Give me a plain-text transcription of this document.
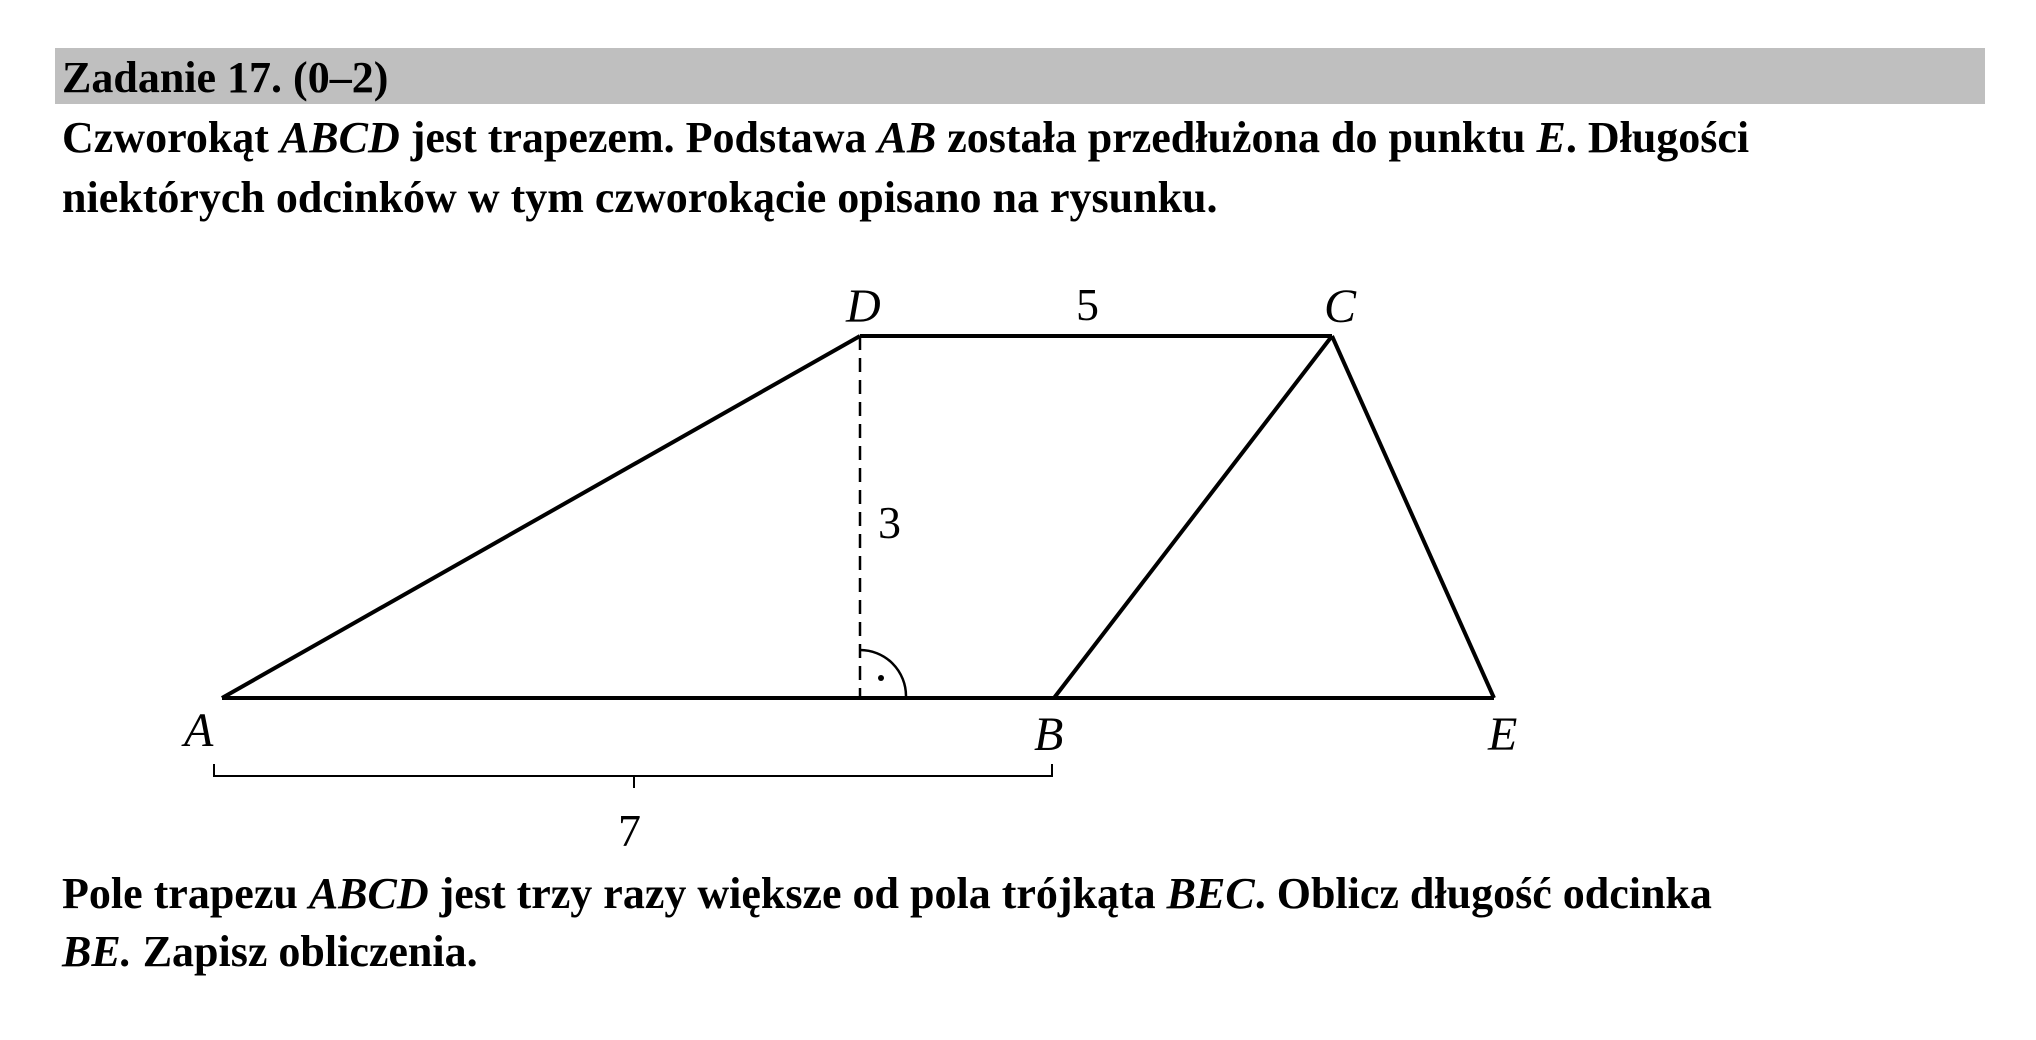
Zadanie 17. (0–2)
Czworokąt ABCD jest trapezem. Podstawa AB została przedłużona do punktu E. Długości
niektórych odcinków w tym czworokącie opisano na rysunku.
D	C
A	B	E
5
3
7
Pole trapezu ABCD jest trzy razy większe od pola trójkąta BEC. Oblicz długość odcinka
BE. Zapisz obliczenia.
